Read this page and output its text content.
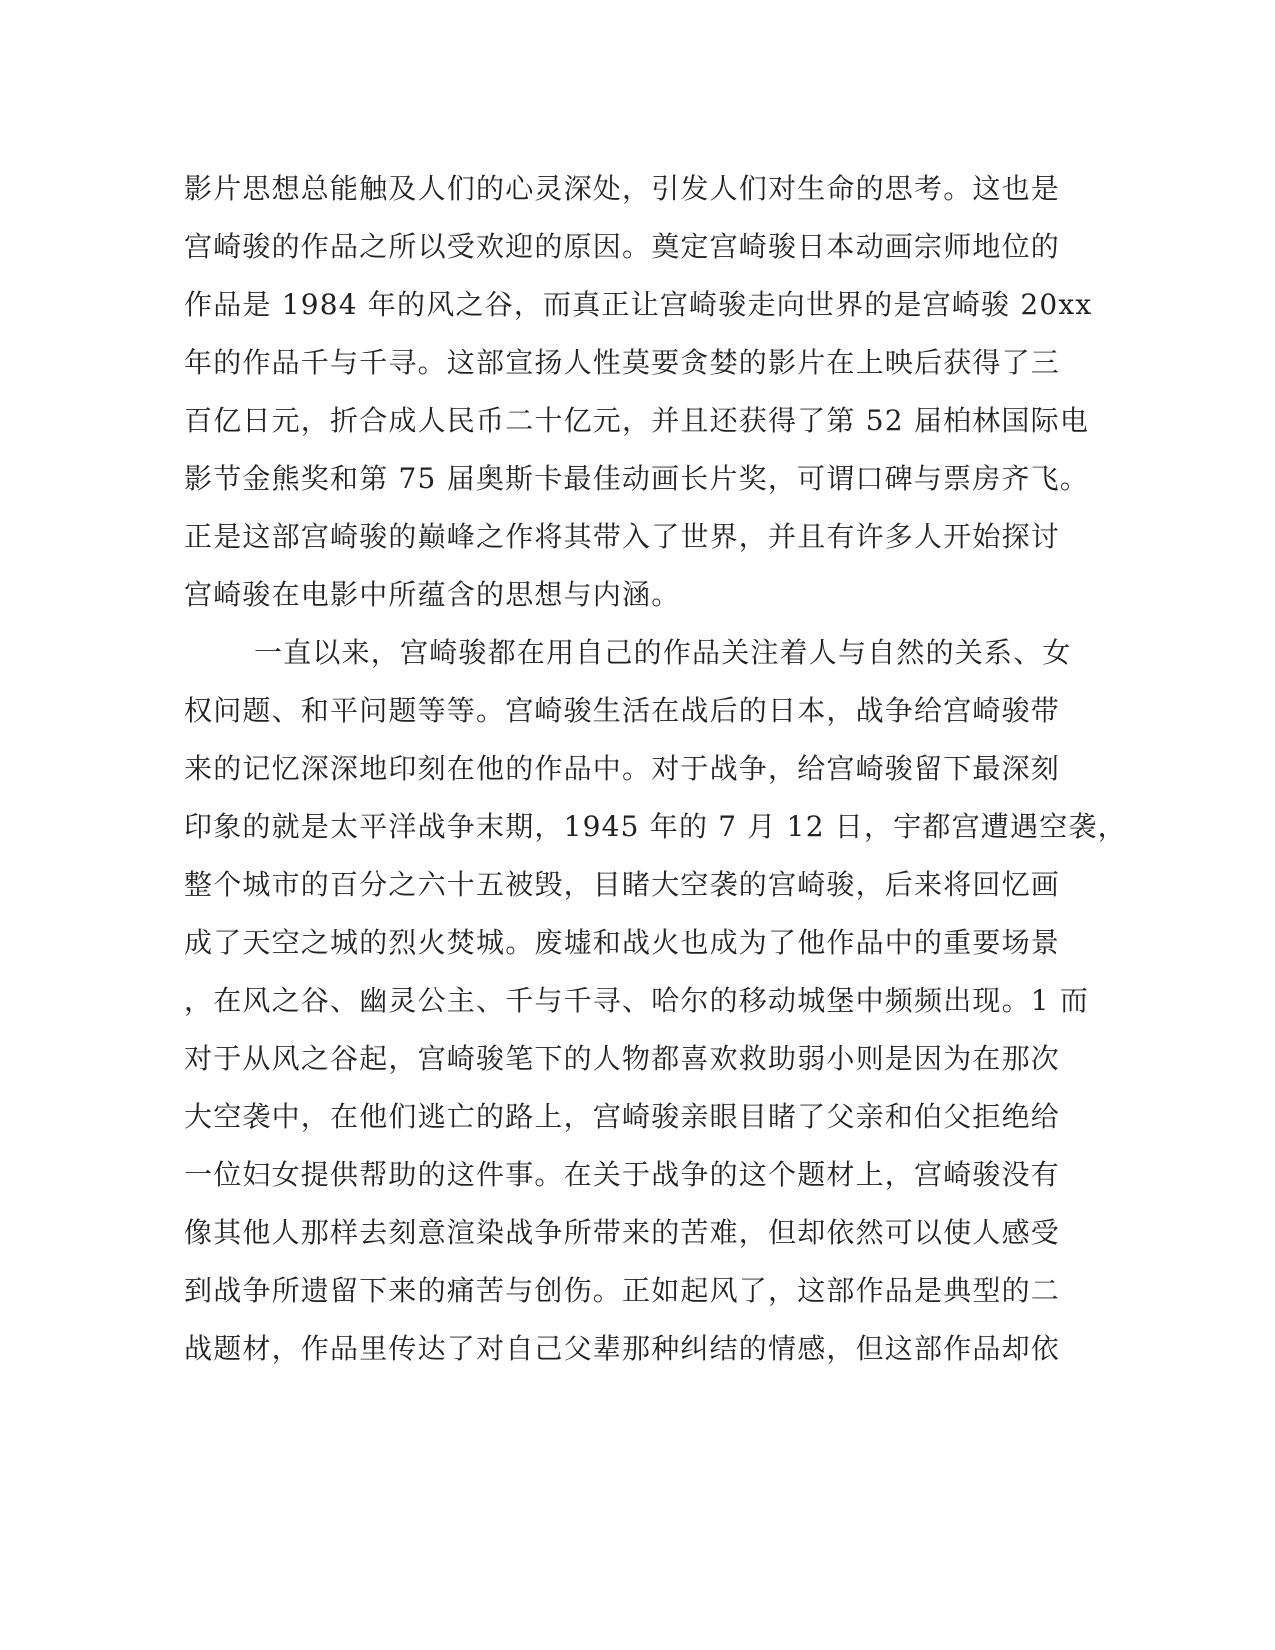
影片思想总能触及人们的心灵深处，引发人们对生命的思考。这也是
宫崎骏的作品之所以受欢迎的原因。奠定宫崎骏日本动画宗师地位的
作品是 1984 年的风之谷，而真正让宫崎骏走向世界的是宫崎骏 20xx
年的作品千与千寻。这部宣扬人性莫要贪婪的影片在上映后获得了三
百亿日元，折合成人民币二十亿元，并且还获得了第 52 届柏林国际电
影节金熊奖和第 75 届奥斯卡最佳动画长片奖，可谓口碑与票房齐飞。
正是这部宫崎骏的巅峰之作将其带入了世界，并且有许多人开始探讨
宫崎骏在电影中所蕴含的思想与内涵。
一直以来，宫崎骏都在用自己的作品关注着人与自然的关系、女
权问题、和平问题等等。宫崎骏生活在战后的日本，战争给宫崎骏带
来的记忆深深地印刻在他的作品中。对于战争，给宫崎骏留下最深刻
印象的就是太平洋战争末期，1945 年的 7 月 12 日，宇都宫遭遇空袭，
整个城市的百分之六十五被毁，目睹大空袭的宫崎骏，后来将回忆画
成了天空之城的烈火焚城。废墟和战火也成为了他作品中的重要场景
，在风之谷、幽灵公主、千与千寻、哈尔的移动城堡中频频出现。1 而
对于从风之谷起，宫崎骏笔下的人物都喜欢救助弱小则是因为在那次
大空袭中，在他们逃亡的路上，宫崎骏亲眼目睹了父亲和伯父拒绝给
一位妇女提供帮助的这件事。在关于战争的这个题材上，宫崎骏没有
像其他人那样去刻意渲染战争所带来的苦难，但却依然可以使人感受
到战争所遗留下来的痛苦与创伤。正如起风了，这部作品是典型的二
战题材，作品里传达了对自己父辈那种纠结的情感，但这部作品却依
